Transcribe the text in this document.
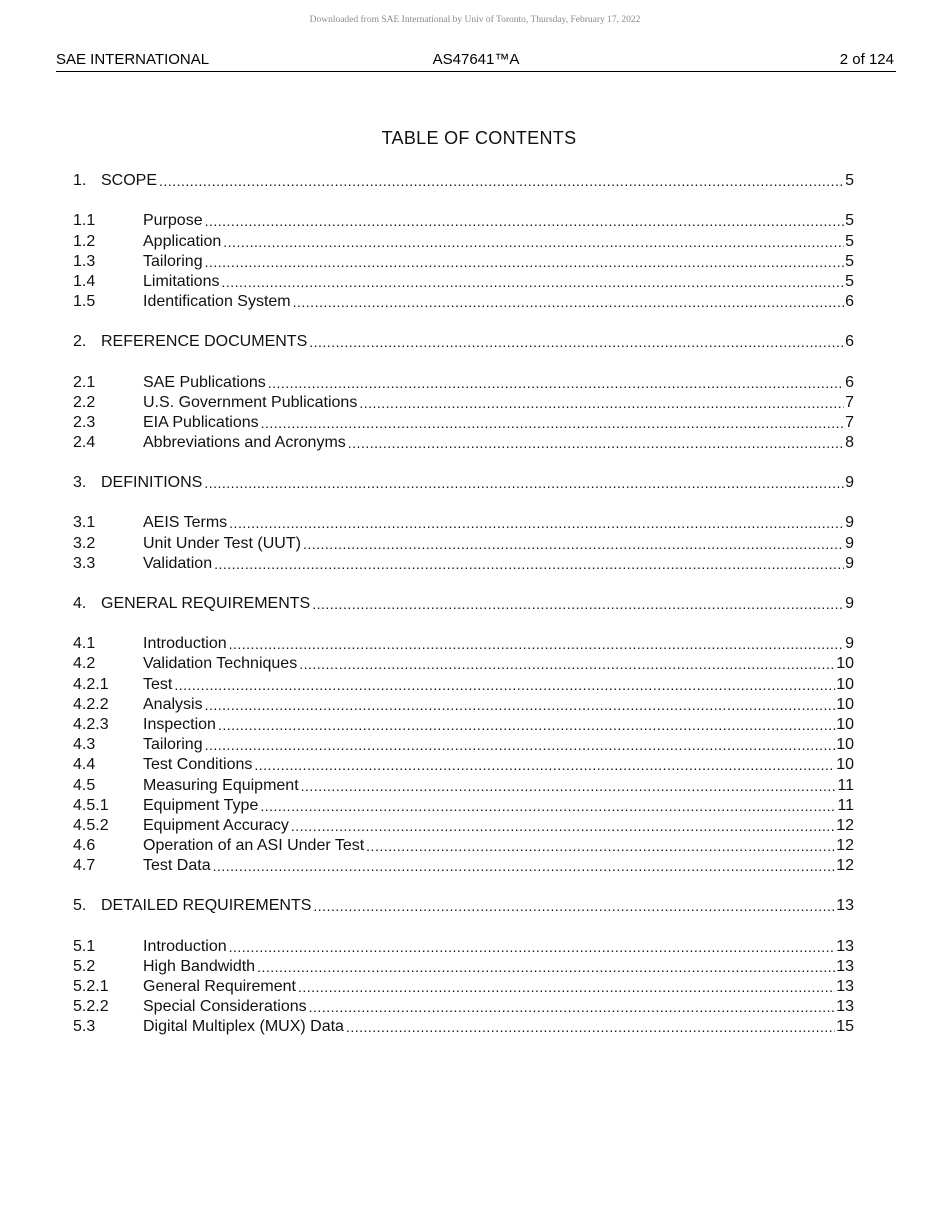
Downloaded from SAE International by Univ of Toronto, Thursday, February 17, 2022
SAE INTERNATIONAL	AS47641™A	2 of 124
TABLE OF CONTENTS
1. SCOPE .....	5
1.1	Purpose .....	5
1.2	Application .....	5
1.3	Tailoring .....	5
1.4	Limitations .....	5
1.5	Identification System .....	6
2. REFERENCE DOCUMENTS .....	6
2.1	SAE Publications .....	6
2.2	U.S. Government Publications .....	7
2.3	EIA Publications .....	7
2.4	Abbreviations and Acronyms .....	8
3. DEFINITIONS .....	9
3.1	AEIS Terms .....	9
3.2	Unit Under Test (UUT) .....	9
3.3	Validation .....	9
4. GENERAL REQUIREMENTS .....	9
4.1	Introduction .....	9
4.2	Validation Techniques .....	10
4.2.1	Test .....	10
4.2.2	Analysis .....	10
4.2.3	Inspection .....	10
4.3	Tailoring .....	10
4.4	Test Conditions .....	10
4.5	Measuring Equipment .....	11
4.5.1	Equipment Type .....	11
4.5.2	Equipment Accuracy .....	12
4.6	Operation of an ASI Under Test .....	12
4.7	Test Data .....	12
5. DETAILED REQUIREMENTS .....	13
5.1	Introduction .....	13
5.2	High Bandwidth .....	13
5.2.1	General Requirement .....	13
5.2.2	Special Considerations .....	13
5.3	Digital Multiplex (MUX) Data .....	15
